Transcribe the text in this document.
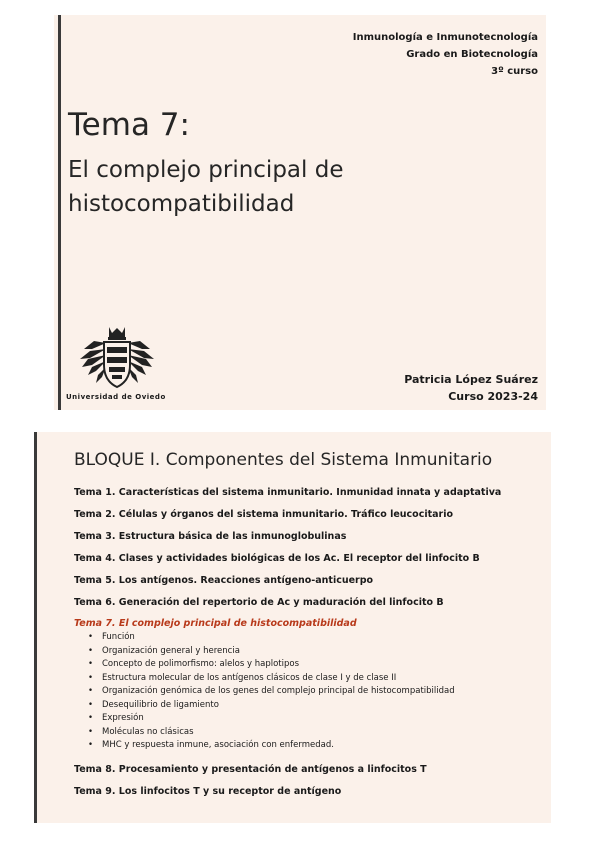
Inmunología e Inmunotecnología
Grado en Biotecnología
3º curso
Tema 7:
El complejo principal de histocompatibilidad
Universidad de Oviedo
Patricia López Suárez
Curso 2023-24
BLOQUE I. Componentes del Sistema Inmunitario
Tema 1. Características del sistema inmunitario. Inmunidad innata y adaptativa
Tema 2. Células y órganos del sistema inmunitario. Tráfico leucocitario
Tema 3. Estructura básica de las inmunoglobulinas
Tema 4. Clases y actividades biológicas de los Ac. El receptor del linfocito B
Tema 5. Los antígenos. Reacciones antígeno-anticuerpo
Tema 6. Generación del repertorio de Ac y maduración del linfocito B
Tema 7. El complejo principal de histocompatibilidad
• Función
• Organización general y herencia
• Concepto de polimorfismo: alelos y haplotipos
• Estructura molecular de los antígenos clásicos de clase I y de clase II
• Organización genómica de los genes del complejo principal de histocompatibilidad
• Desequilibrio de ligamiento
• Expresión
• Moléculas no clásicas
• MHC y respuesta inmune, asociación con enfermedad.
Tema 8. Procesamiento y presentación de antígenos a linfocitos T
Tema 9. Los linfocitos T y su receptor de antígeno
